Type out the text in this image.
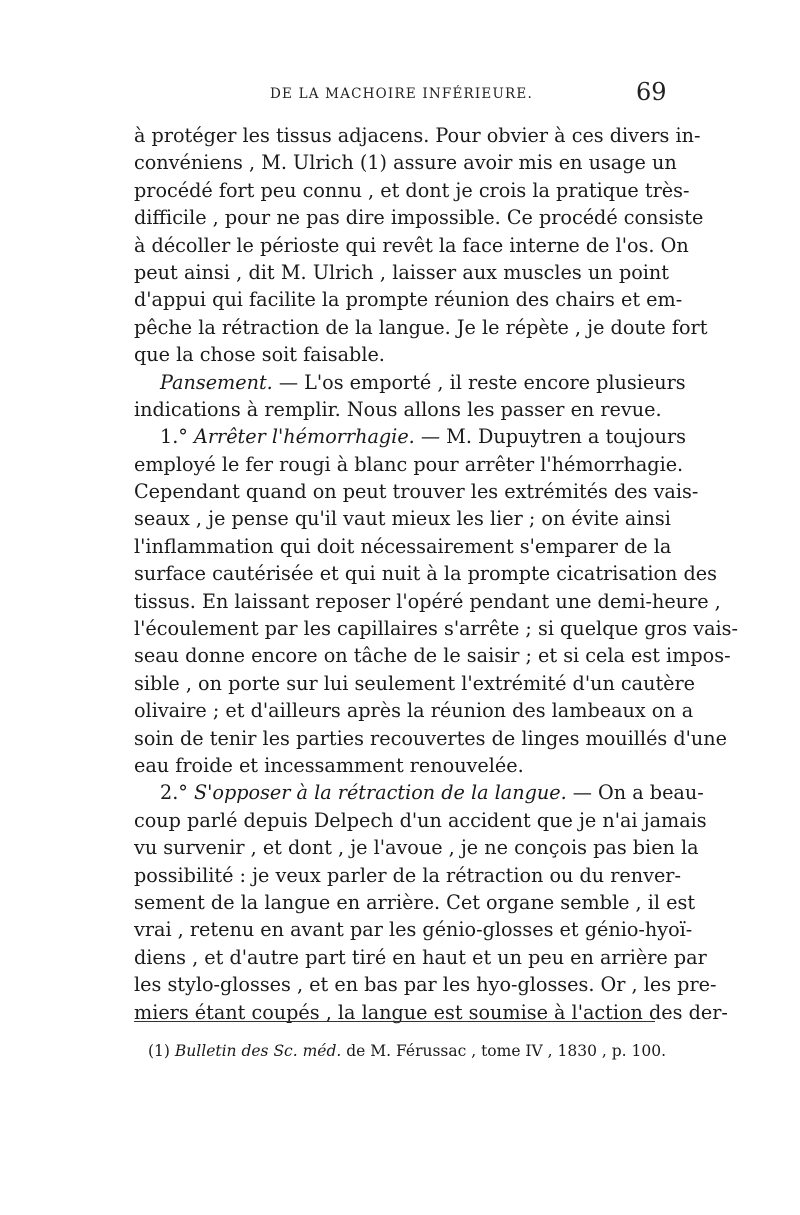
DE LA MACHOIRE INFÉRIEURE.	69
à protéger les tissus adjacens. Pour obvier à ces divers in-
convéniens , M. Ulrich (1) assure avoir mis en usage un
procédé fort peu connu , et dont je crois la pratique très-
difficile , pour ne pas dire impossible. Ce procédé consiste
à décoller le périoste qui revêt la face interne de l'os. On
peut ainsi , dit M. Ulrich , laisser aux muscles un point
d'appui qui facilite la prompte réunion des chairs et em-
pêche la rétraction de la langue. Je le répète , je doute fort
que la chose soit faisable.
Pansement. — L'os emporté , il reste encore plusieurs
indications à remplir. Nous allons les passer en revue.
1.° Arrêter l'hémorrhagie. — M. Dupuytren a toujours
employé le fer rougi à blanc pour arrêter l'hémorrhagie.
Cependant quand on peut trouver les extrémités des vais-
seaux , je pense qu'il vaut mieux les lier ; on évite ainsi
l'inflammation qui doit nécessairement s'emparer de la
surface cautérisée et qui nuit à la prompte cicatrisation des
tissus. En laissant reposer l'opéré pendant une demi-heure ,
l'écoulement par les capillaires s'arrête ; si quelque gros vais-
seau donne encore on tâche de le saisir ; et si cela est impos-
sible , on porte sur lui seulement l'extrémité d'un cautère
olivaire ; et d'ailleurs après la réunion des lambeaux on a
soin de tenir les parties recouvertes de linges mouillés d'une
eau froide et incessamment renouvelée.
2.° S'opposer à la rétraction de la langue. — On a beau-
coup parlé depuis Delpech d'un accident que je n'ai jamais
vu survenir , et dont , je l'avoue , je ne conçois pas bien la
possibilité : je veux parler de la rétraction ou du renver-
sement de la langue en arrière. Cet organe semble , il est
vrai , retenu en avant par les génio-glosses et génio-hyoï-
diens , et d'autre part tiré en haut et un peu en arrière par
les stylo-glosses , et en bas par les hyo-glosses. Or , les pre-
miers étant coupés , la langue est soumise à l'action des der-
(1) Bulletin des Sc. méd. de M. Férussac , tome IV , 1830 , p. 100.
